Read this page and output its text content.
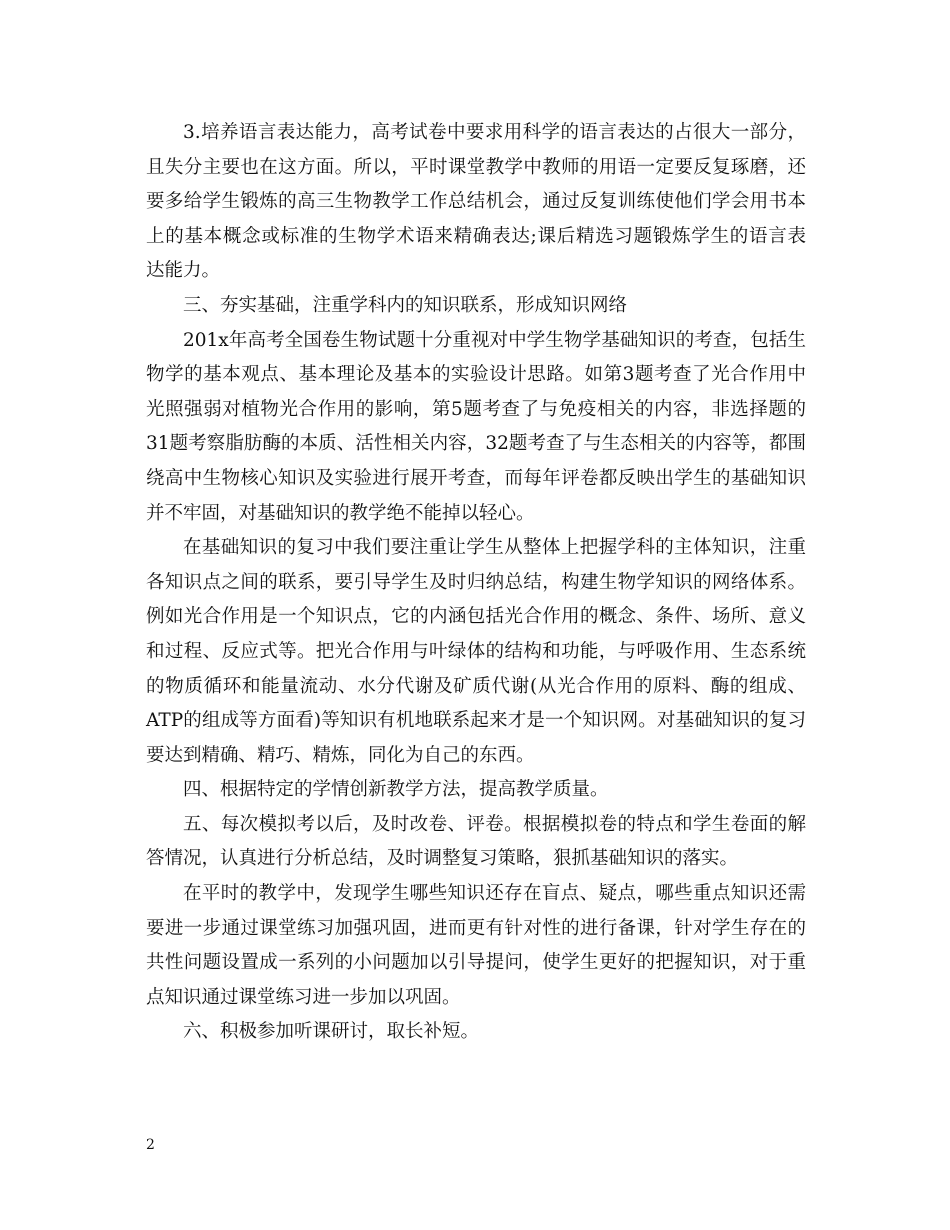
3.培养语言表达能力，高考试卷中要求用科学的语言表达的占很大一部分，
且失分主要也在这方面。所以，平时课堂教学中教师的用语一定要反复琢磨，还
要多给学生锻炼的高三生物教学工作总结机会，通过反复训练使他们学会用书本
上的基本概念或标准的生物学术语来精确表达;课后精选习题锻炼学生的语言表
达能力。
三、夯实基础，注重学科内的知识联系，形成知识网络
201x年高考全国卷生物试题十分重视对中学生物学基础知识的考查，包括生
物学的基本观点、基本理论及基本的实验设计思路。如第3题考查了光合作用中
光照强弱对植物光合作用的影响，第5题考查了与免疫相关的内容，非选择题的
31题考察脂肪酶的本质、活性相关内容，32题考查了与生态相关的内容等，都围
绕高中生物核心知识及实验进行展开考查，而每年评卷都反映出学生的基础知识
并不牢固，对基础知识的教学绝不能掉以轻心。
在基础知识的复习中我们要注重让学生从整体上把握学科的主体知识，注重
各知识点之间的联系，要引导学生及时归纳总结，构建生物学知识的网络体系。
例如光合作用是一个知识点，它的内涵包括光合作用的概念、条件、场所、意义
和过程、反应式等。把光合作用与叶绿体的结构和功能，与呼吸作用、生态系统
的物质循环和能量流动、水分代谢及矿质代谢(从光合作用的原料、酶的组成、
ATP的组成等方面看)等知识有机地联系起来才是一个知识网。对基础知识的复习
要达到精确、精巧、精炼，同化为自己的东西。
四、根据特定的学情创新教学方法，提高教学质量。
五、每次模拟考以后，及时改卷、评卷。根据模拟卷的特点和学生卷面的解
答情况，认真进行分析总结，及时调整复习策略，狠抓基础知识的落实。
在平时的教学中，发现学生哪些知识还存在盲点、疑点，哪些重点知识还需
要进一步通过课堂练习加强巩固，进而更有针对性的进行备课，针对学生存在的
共性问题设置成一系列的小问题加以引导提问，使学生更好的把握知识，对于重
点知识通过课堂练习进一步加以巩固。
六、积极参加听课研讨，取长补短。
2
